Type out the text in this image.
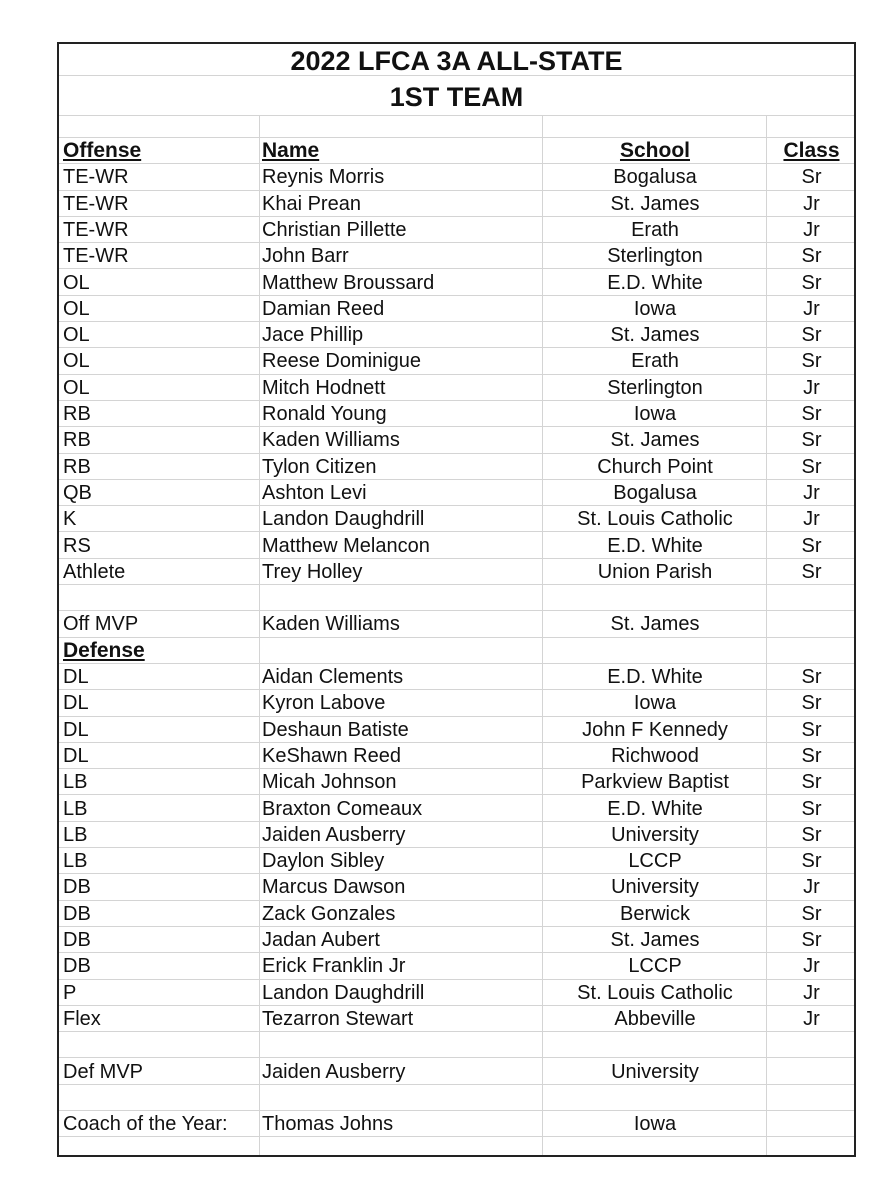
2022 LFCA 3A ALL-STATE
1ST TEAM
Offense	Name	School	Class
TE-WR	Reynis Morris	Bogalusa	Sr
TE-WR	Khai Prean	St. James	Jr
TE-WR	Christian Pillette	Erath	Jr
TE-WR	John Barr	Sterlington	Sr
OL	Matthew Broussard	E.D. White	Sr
OL	Damian Reed	Iowa	Jr
OL	Jace Phillip	St. James	Sr
OL	Reese Dominigue	Erath	Sr
OL	Mitch Hodnett	Sterlington	Jr
RB	Ronald Young	Iowa	Sr
RB	Kaden Williams	St. James	Sr
RB	Tylon Citizen	Church Point	Sr
QB	Ashton Levi	Bogalusa	Jr
K	Landon Daughdrill	St. Louis Catholic	Jr
RS	Matthew Melancon	E.D. White	Sr
Athlete	Trey Holley	Union Parish	Sr
Off MVP	Kaden Williams	St. James
Defense
DL	Aidan Clements	E.D. White	Sr
DL	Kyron Labove	Iowa	Sr
DL	Deshaun Batiste	John F Kennedy	Sr
DL	KeShawn Reed	Richwood	Sr
LB	Micah Johnson	Parkview Baptist	Sr
LB	Braxton Comeaux	E.D. White	Sr
LB	Jaiden Ausberry	University	Sr
LB	Daylon Sibley	LCCP	Sr
DB	Marcus Dawson	University	Jr
DB	Zack Gonzales	Berwick	Sr
DB	Jadan Aubert	St. James	Sr
DB	Erick Franklin Jr	LCCP	Jr
P	Landon Daughdrill	St. Louis Catholic	Jr
Flex	Tezarron Stewart	Abbeville	Jr
Def MVP	Jaiden Ausberry	University
Coach of the Year:	Thomas Johns	Iowa
